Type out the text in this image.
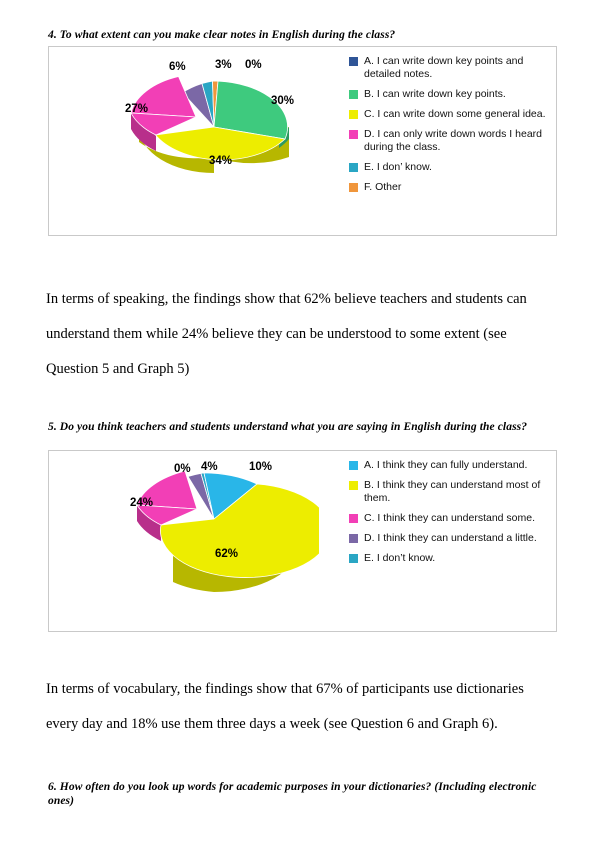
4. To what extent can you make clear notes in English during the class?
6%	3% 0%
30%
34%
27%
A. I can write down key points and detailed notes.
B. I can write down key points.
C. I can write down some general idea.
D. I can only write down words I heard during the class.
E. I don’ know.
F. Other
In terms of speaking, the findings show that 62% believe teachers and students can
understand them while 24% believe they can be understood to some extent (see
Question 5 and Graph 5)
5. Do you think teachers and students understand what you are saying in English during the class?
0% 4%	10%
24%
62%
A. I think they can fully understand.
B. I think they can understand most of them.
C. I think they can understand some.
D. I think they can understand a little.
E. I don’t know.
In terms of vocabulary, the findings show that 67% of participants use dictionaries
every day and 18% use them three days a week (see Question 6 and Graph 6).
6. How often do you look up words for academic purposes in your dictionaries? (Including electronic ones)
